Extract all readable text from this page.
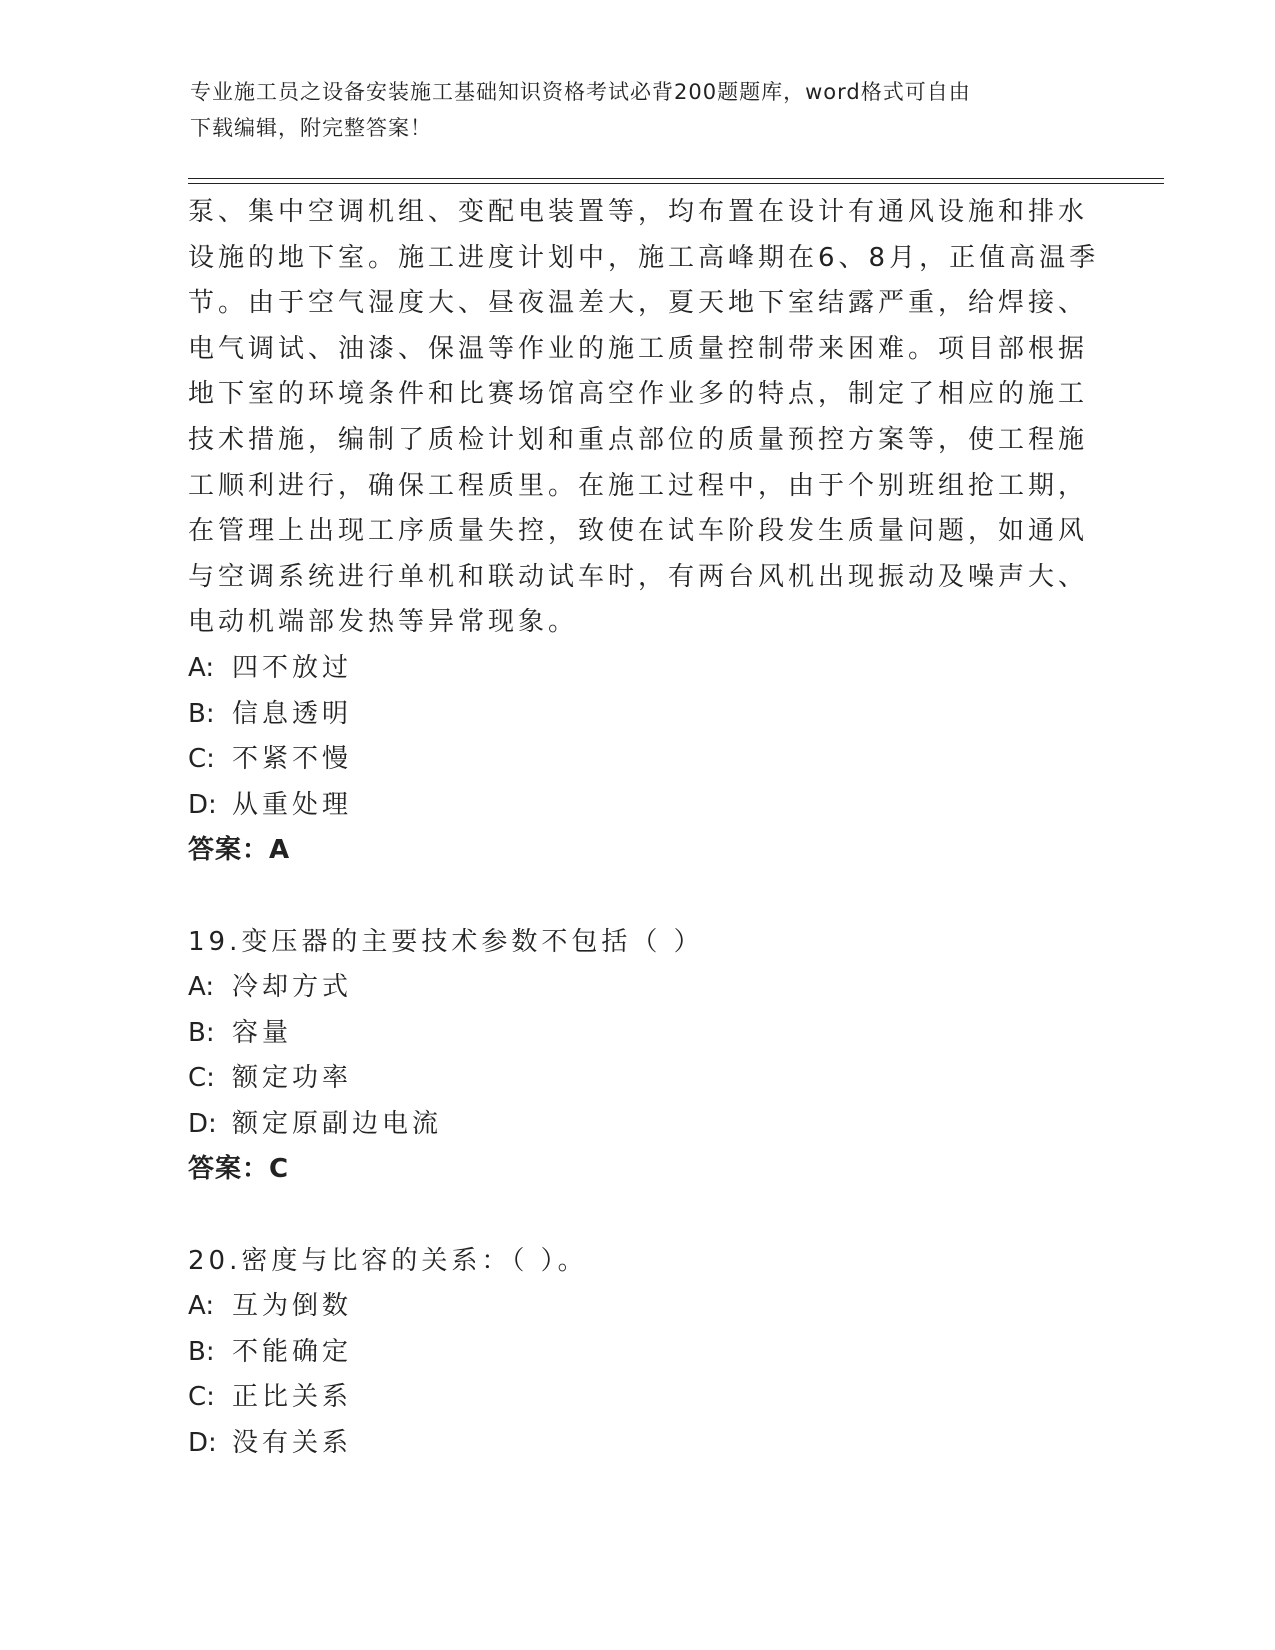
专业施工员之设备安装施工基础知识资格考试必背200题题库，word格式可自由
下载编辑，附完整答案！
泵、集中空调机组、变配电装置等，均布置在设计有通风设施和排水
设施的地下室。施工进度计划中，施工高峰期在6、8月，正值高温季
节。由于空气湿度大、昼夜温差大，夏天地下室结露严重，给焊接、
电气调试、油漆、保温等作业的施工质量控制带来困难。项目部根据
地下室的环境条件和比赛场馆高空作业多的特点，制定了相应的施工
技术措施，编制了质检计划和重点部位的质量预控方案等，使工程施
工顺利进行，确保工程质里。在施工过程中，由于个别班组抢工期，
在管理上出现工序质量失控，致使在试车阶段发生质量问题，如通风
与空调系统进行单机和联动试车时，有两台风机出现振动及噪声大、
电动机端部发热等异常现象。
A: 四不放过
B: 信息透明
C: 不紧不慢
D: 从重处理
答案：A
19.变压器的主要技术参数不包括（ ）
A: 冷却方式
B: 容量
C: 额定功率
D: 额定原副边电流
答案：C
20.密度与比容的关系：（ ）。
A: 互为倒数
B: 不能确定
C: 正比关系
D: 没有关系
